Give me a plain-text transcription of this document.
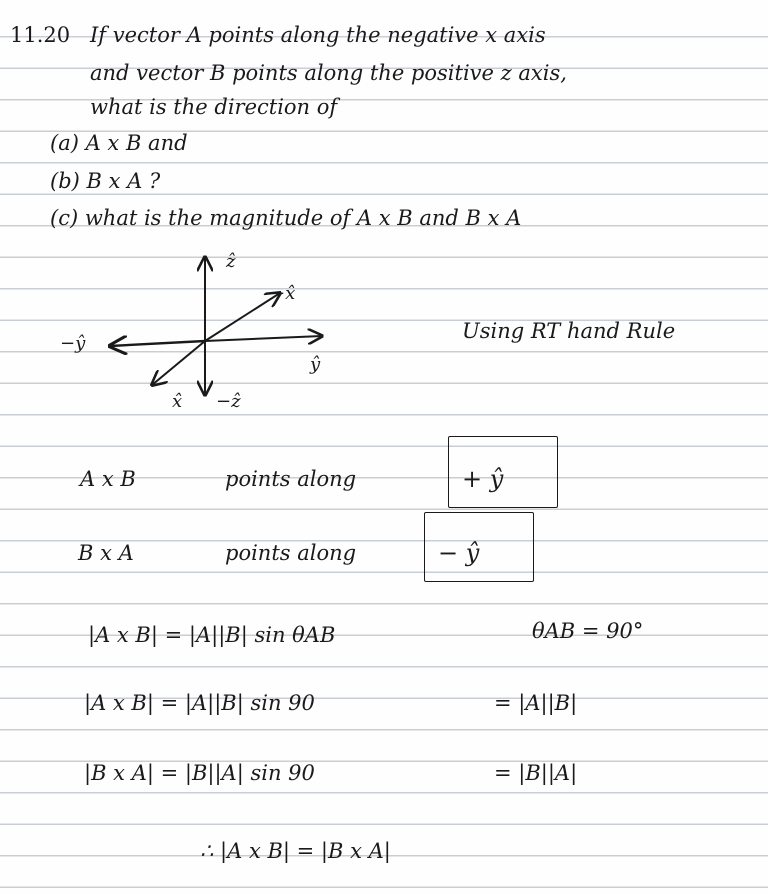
11.20 If vector A points along the negative x axis
and vector B points along the positive z axis,
what is the direction of
(a) A x B and
(b) B x A ?
(c) what is the magnitude of A x B and B x A
ẑ
−x̂
−ŷ
ŷ
x̂ −ẑ
Using RT hand Rule
A x B	points along	+ ŷ
B x A	points along	− ŷ
|A x B| = |A||B| sin θAB	θAB = 90°
|A x B| = |A||B| sin 90	= |A||B|
|B x A| = |B||A| sin 90	= |B||A|
∴ |A x B| = |B x A|
